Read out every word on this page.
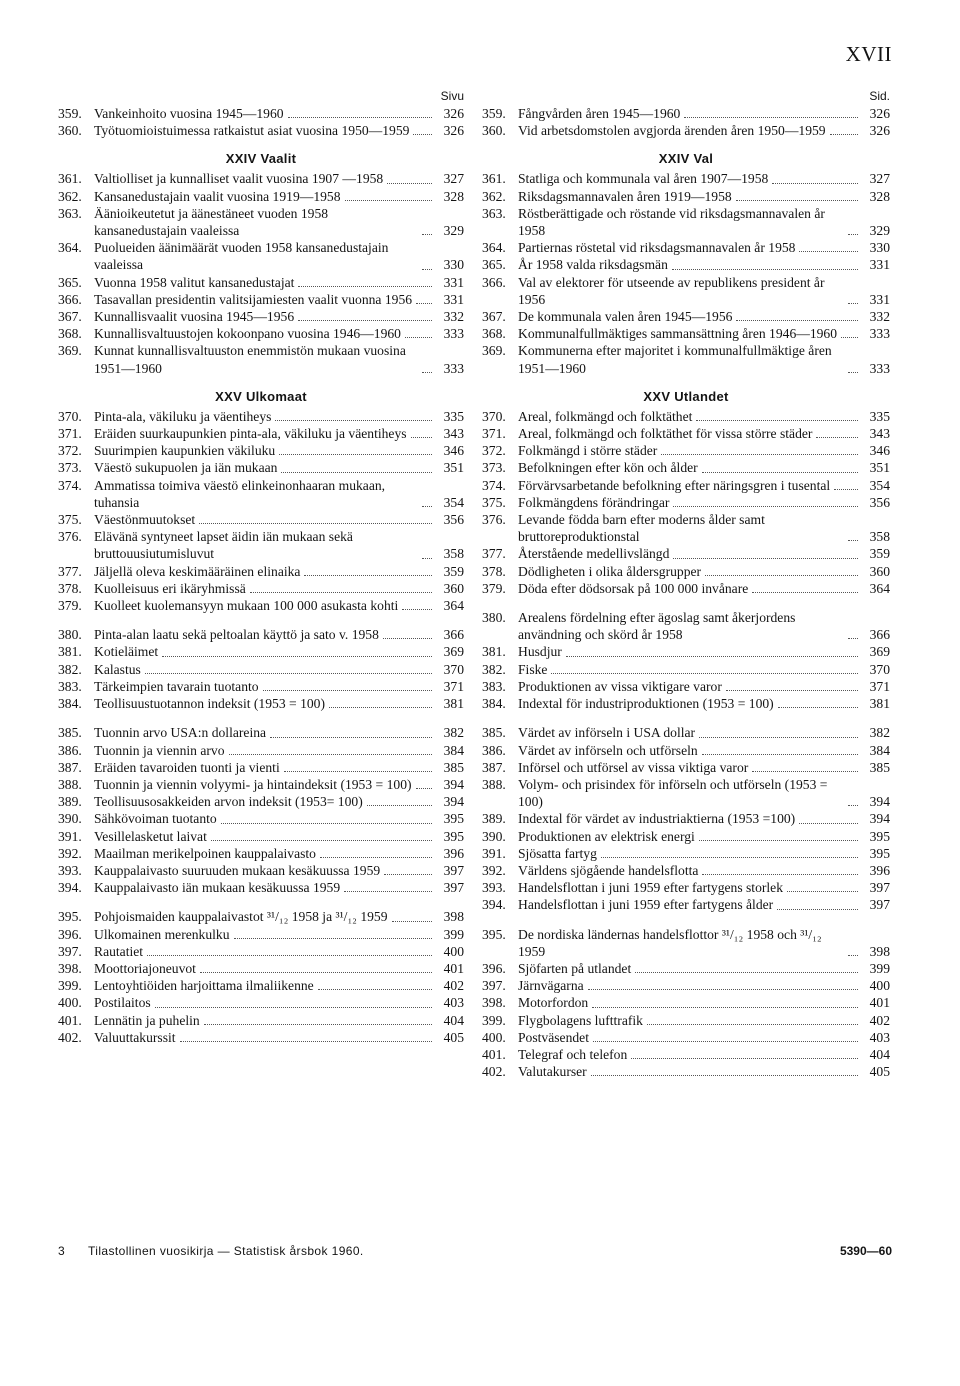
XVII
Sivu
359. Vankeinhoito vuosina 1945—1960	326
360. Työtuomioistuimessa ratkaistut asiat vuosina 1950—1959	326
XXIV Vaalit
361. Valtiolliset ja kunnalliset vaalit vuosina 1907 —1958	327
362. Kansanedustajain vaalit vuosina 1919—1958	328
363. Äänioikeutetut ja äänestäneet vuoden 1958 kansanedustajain vaaleissa	329
364. Puolueiden äänimäärät vuoden 1958 kansanedustajain vaaleissa	330
365. Vuonna 1958 valitut kansanedustajat	331
366. Tasavallan presidentin valitsijamiesten vaalit vuonna 1956	331
367. Kunnallisvaalit vuosina 1945—1956	332
368. Kunnallisvaltuustojen kokoonpano vuosina 1946—1960	333
369. Kunnat kunnallisvaltuuston enemmistön mukaan vuosina 1951—1960	333
XXV Ulkomaat
370. Pinta-ala, väkiluku ja väentiheys	335
371. Eräiden suurkaupunkien pinta-ala, väkiluku ja väentiheys	343
372. Suurimpien kaupunkien väkiluku	346
373. Väestö sukupuolen ja iän mukaan	351
374. Ammatissa toimiva väestö elinkeinonhaaran mukaan, tuhansia	354
375. Väestönmuutokset	356
376. Elävänä syntyneet lapset äidin iän mukaan sekä bruttouusiutumisluvut	358
377. Jäljellä oleva keskimääräinen elinaika	359
378. Kuolleisuus eri ikäryhmissä	360
379. Kuolleet kuolemansyyn mukaan 100 000 asukasta kohti	364
380. Pinta-alan laatu sekä peltoalan käyttö ja sato v. 1958	366
381. Kotieläimet	369
382. Kalastus	370
383. Tärkeimpien tavarain tuotanto	371
384. Teollisuustuotannon indeksit (1953 = 100)	381
385. Tuonnin arvo USA:n dollareina	382
386. Tuonnin ja viennin arvo	384
387. Eräiden tavaroiden tuonti ja vienti	385
388. Tuonnin ja viennin volyymi- ja hintaindeksit (1953 = 100)	394
389. Teollisuusosakkeiden arvon indeksit (1953= 100)	394
390. Sähkövoiman tuotanto	395
391. Vesillelasketut laivat	395
392. Maailman merikelpoinen kauppalaivasto	396
393. Kauppalaivasto suuruuden mukaan kesäkuussa 1959	397
394. Kauppalaivasto iän mukaan kesäkuussa 1959	397
395. Pohjoismaiden kauppalaivastot ³¹/₁₂ 1958 ja ³¹/₁₂ 1959	398
396. Ulkomainen merenkulku	399
397. Rautatiet	400
398. Moottoriajoneuvot	401
399. Lentoyhtiöiden harjoittama ilmaliikenne	402
400. Postilaitos	403
401. Lennätin ja puhelin	404
402. Valuuttakurssit	405
Sid.
359. Fångvården åren 1945—1960	326
360. Vid arbetsdomstolen avgjorda ärenden åren 1950—1959	326
XXIV Val
361. Statliga och kommunala val åren 1907—1958	327
362. Riksdagsmannavalen åren 1919—1958	328
363. Röstberättigade och röstande vid riksdagsmannavalen år 1958	329
364. Partiernas röstetal vid riksdagsmannavalen år 1958	330
365. År 1958 valda riksdagsmän	331
366. Val av elektorer för utseende av republikens president år 1956	331
367. De kommunala valen åren 1945—1956	332
368. Kommunalfullmäktiges sammansättning åren 1946—1960	333
369. Kommunerna efter majoritet i kommunalfullmäktige åren 1951—1960	333
XXV Utlandet
370. Areal, folkmängd och folktäthet	335
371. Areal, folkmängd och folktäthet för vissa större städer	343
372. Folkmängd i större städer	346
373. Befolkningen efter kön och ålder	351
374. Förvärvsarbetande befolkning efter näringsgren i tusental	354
375. Folkmängdens förändringar	356
376. Levande födda barn efter moderns ålder samt bruttoreproduktionstal	358
377. Återstående medellivslängd	359
378. Dödligheten i olika åldersgrupper	360
379. Döda efter dödsorsak på 100 000 invånare	364
380. Arealens fördelning efter ägoslag samt åkerjordens användning och skörd år 1958	366
381. Husdjur	369
382. Fiske	370
383. Produktionen av vissa viktigare varor	371
384. Indextal för industriproduktionen (1953 = 100)	381
385. Värdet av införseln i USA dollar	382
386. Värdet av införseln och utförseln	384
387. Införsel och utförsel av vissa viktiga varor	385
388. Volym- och prisindex för införseln och utförseln (1953 = 100)	394
389. Indextal för värdet av industriaktierna (1953 =100)	394
390. Produktionen av elektrisk energi	395
391. Sjösatta fartyg	395
392. Världens sjögående handelsflotta	396
393. Handelsflottan i juni 1959 efter fartygens storlek	397
394. Handelsflottan i juni 1959 efter fartygens ålder	397
395. De nordiska ländernas handelsflottor ³¹/₁₂ 1958 och ³¹/₁₂ 1959	398
396. Sjöfarten på utlandet	399
397. Järnvägarna	400
398. Motorfordon	401
399. Flygbolagens lufttrafik	402
400. Postväsendet	403
401. Telegraf och telefon	404
402. Valutakurser	405
3 Tilastollinen vuosikirja — Statistisk årsbok 1960.	5390—60
